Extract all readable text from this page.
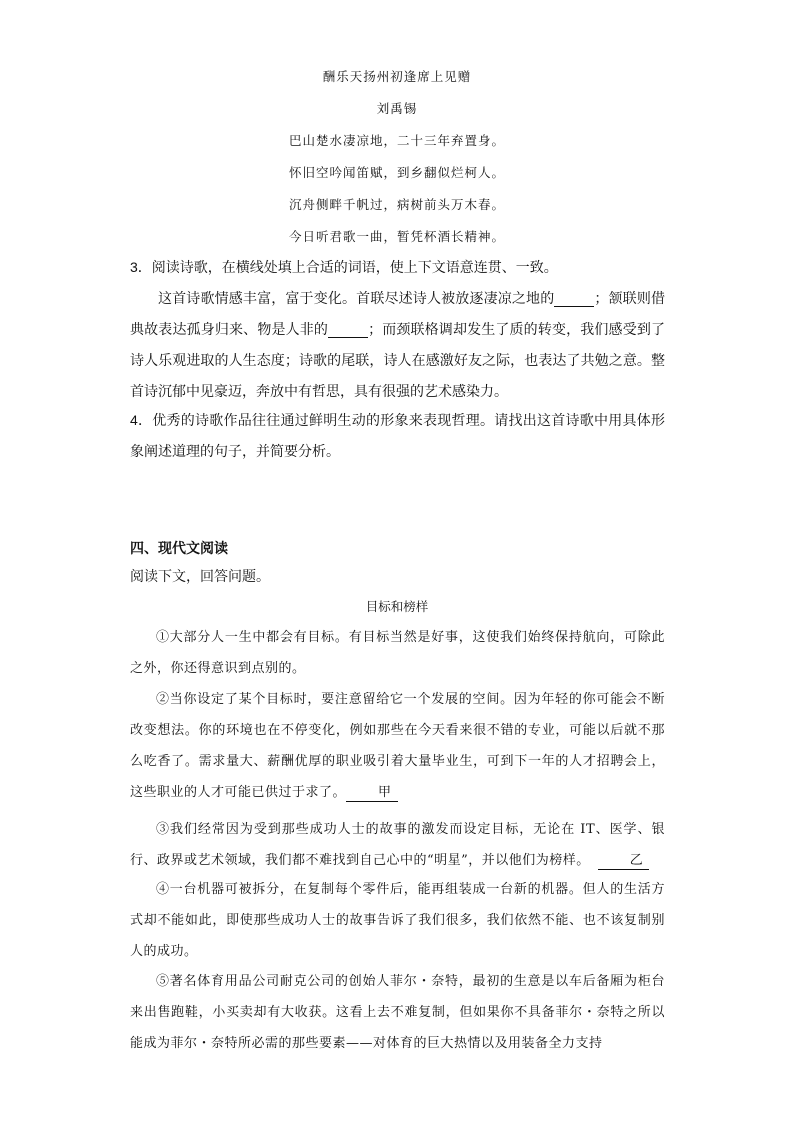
酬乐天扬州初逢席上见赠
刘禹锡
巴山楚水凄凉地，二十三年弃置身。
怀旧空吟闻笛赋，到乡翻似烂柯人。
沉舟侧畔千帆过，病树前头万木春。
今日听君歌一曲，暂凭杯酒长精神。
3．阅读诗歌，在横线处填上合适的词语，使上下文语意连贯、一致。
这首诗歌情感丰富，富于变化。首联尽述诗人被放逐凄凉之地的	；颔联则借典故表达孤身归来、物是人非的	；而颈联格调却发生了质的转变，我们感受到了诗人乐观进取的人生态度；诗歌的尾联，诗人在感激好友之际，也表达了共勉之意。整首诗沉郁中见豪迈，奔放中有哲思，具有很强的艺术感染力。
4．优秀的诗歌作品往往通过鲜明生动的形象来表现哲理。请找出这首诗歌中用具体形象阐述道理的句子，并简要分析。
四、现代文阅读
阅读下文，回答问题。
目标和榜样
①大部分人一生中都会有目标。有目标当然是好事，这使我们始终保持航向，可除此之外，你还得意识到点别的。
②当你设定了某个目标时，要注意留给它一个发展的空间。因为年轻的你可能会不断改变想法。你的环境也在不停变化，例如那些在今天看来很不错的专业，可能以后就不那么吃香了。需求量大、薪酬优厚的职业吸引着大量毕业生，可到下一年的人才招聘会上，这些职业的人才可能已供过于求了。 甲
③我们经常因为受到那些成功人士的故事的激发而设定目标，无论在 IT、医学、银行、政界或艺术领域，我们都不难找到自己心中的“明星”，并以他们为榜样。	乙
④一台机器可被拆分，在复制每个零件后，能再组装成一台新的机器。但人的生活方式却不能如此，即使那些成功人士的故事告诉了我们很多，我们依然不能、也不该复制别人的成功。
⑤著名体育用品公司耐克公司的创始人菲尔・奈特，最初的生意是以车后备厢为柜台来出售跑鞋，小买卖却有大收获。这看上去不难复制，但如果你不具备菲尔・奈特之所以能成为菲尔・奈特所必需的那些要素——对体育的巨大热情以及用装备全力支持
